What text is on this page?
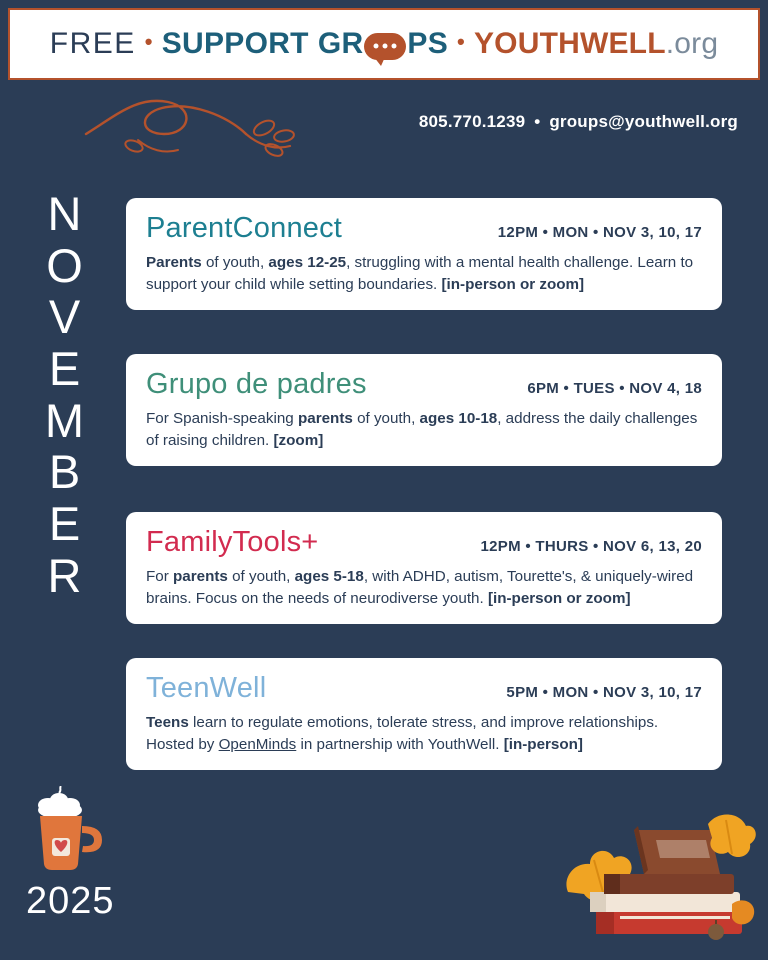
FREE • SUPPORT GR PS • YOUTHWELL .org
805.770.1239 • groups@youthwell.org
N
O
V
E
M
B
E
R
2025
ParentConnect	12PM • MON • NOV 3, 10, 17
Parents of youth, ages 12-25, struggling with a mental health challenge. Learn to support your child while setting boundaries. [in-person or zoom]
Grupo de padres	6PM • TUES • NOV 4, 18
For Spanish-speaking parents of youth, ages 10-18, address the daily challenges of raising children. [zoom]
FamilyTools+	12PM • THURS • NOV 6, 13, 20
For parents of youth, ages 5-18, with ADHD, autism, Tourette's, & uniquely-wired brains. Focus on the needs of neurodiverse youth. [in-person or zoom]
TeenWell	5PM • MON • NOV 3, 10, 17
Teens learn to regulate emotions, tolerate stress, and improve relationships. Hosted by OpenMinds in partnership with YouthWell. [in-person]
